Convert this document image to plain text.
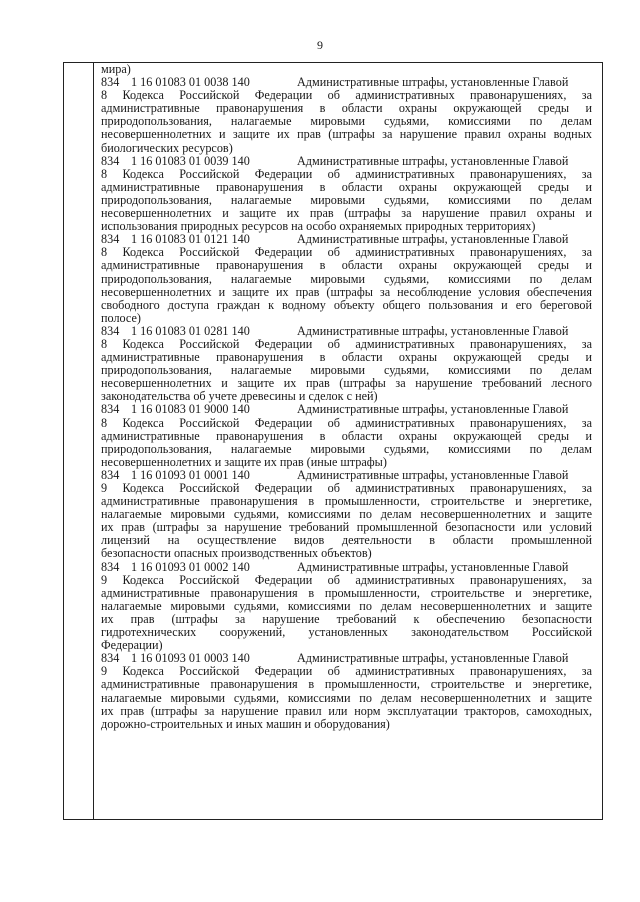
9
мира)
834 1 16 01083 01 0038 140	Административные штрафы, установленные Главой
8 Кодекса Российской Федерации об административных правонарушениях, за
административные правонарушения в области охраны окружающей среды и
природопользования, налагаемые мировыми судьями, комиссиями по делам
несовершеннолетних и защите их прав (штрафы за нарушение правил охраны водных
биологических ресурсов)
834 1 16 01083 01 0039 140	Административные штрафы, установленные Главой
8 Кодекса Российской Федерации об административных правонарушениях, за
административные правонарушения в области охраны окружающей среды и
природопользования, налагаемые мировыми судьями, комиссиями по делам
несовершеннолетних и защите их прав (штрафы за нарушение правил охраны и
использования природных ресурсов на особо охраняемых природных территориях)
834 1 16 01083 01 0121 140	Административные штрафы, установленные Главой
8 Кодекса Российской Федерации об административных правонарушениях, за
административные правонарушения в области охраны окружающей среды и
природопользования, налагаемые мировыми судьями, комиссиями по делам
несовершеннолетних и защите их прав (штрафы за несоблюдение условия обеспечения
свободного доступа граждан к водному объекту общего пользования и его береговой
полосе)
834 1 16 01083 01 0281 140	Административные штрафы, установленные Главой
8 Кодекса Российской Федерации об административных правонарушениях, за
административные правонарушения в области охраны окружающей среды и
природопользования, налагаемые мировыми судьями, комиссиями по делам
несовершеннолетних и защите их прав (штрафы за нарушение требований лесного
законодательства об учете древесины и сделок с ней)
834 1 16 01083 01 9000 140	Административные штрафы, установленные Главой
8 Кодекса Российской Федерации об административных правонарушениях, за
административные правонарушения в области охраны окружающей среды и
природопользования, налагаемые мировыми судьями, комиссиями по делам
несовершеннолетних и защите их прав (иные штрафы)
834 1 16 01093 01 0001 140	Административные штрафы, установленные Главой
9 Кодекса Российской Федерации об административных правонарушениях, за
административные правонарушения в промышленности, строительстве и энергетике,
налагаемые мировыми судьями, комиссиями по делам несовершеннолетних и защите
их прав (штрафы за нарушение требований промышленной безопасности или условий
лицензий на осуществление видов деятельности в области промышленной
безопасности опасных производственных объектов)
834 1 16 01093 01 0002 140	Административные штрафы, установленные Главой
9 Кодекса Российской Федерации об административных правонарушениях, за
административные правонарушения в промышленности, строительстве и энергетике,
налагаемые мировыми судьями, комиссиями по делам несовершеннолетних и защите
их прав (штрафы за нарушение требований к обеспечению безопасности
гидротехнических сооружений, установленных законодательством Российской
Федерации)
834 1 16 01093 01 0003 140	Административные штрафы, установленные Главой
9 Кодекса Российской Федерации об административных правонарушениях, за
административные правонарушения в промышленности, строительстве и энергетике,
налагаемые мировыми судьями, комиссиями по делам несовершеннолетних и защите
их прав (штрафы за нарушение правил или норм эксплуатации тракторов, самоходных,
дорожно-строительных и иных машин и оборудования)
